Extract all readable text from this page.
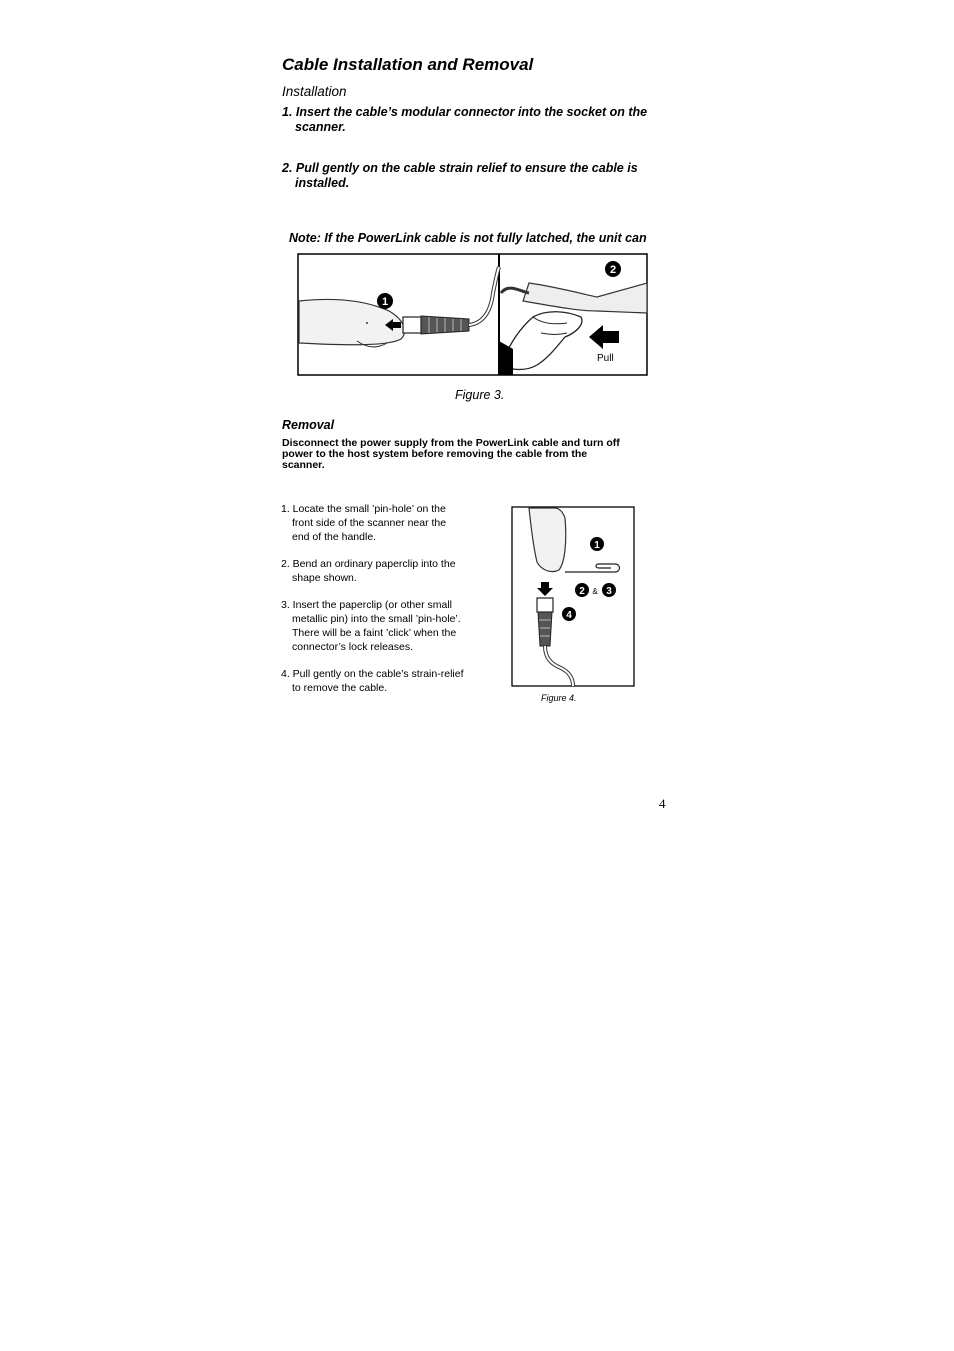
Cable Installation and Removal
Installation
1. Insert the cable’s modular connector into the socket on the
scanner.
2. Pull gently on the cable strain relief to ensure the cable is
installed.

Note: If the PowerLink cable is not fully latched, the unit can

1
Pull
2
Figure 3.
Removal
Disconnect the power supply from the PowerLink cable and turn off power to the host system before removing the cable from the scanner.
1. Locate the small ’pin-hole’ on the
front side of the scanner near the
end of the handle.
2. Bend an ordinary paperclip into the
shape shown.
3. Insert the paperclip (or other small
metallic pin) into the small ’pin-hole’.
There will be a faint ’click’ when the
connector’s lock releases.
4. Pull gently on the cable’s strain-relief
to remove the cable.
1
2 & 3
4
Figure 4.
4
